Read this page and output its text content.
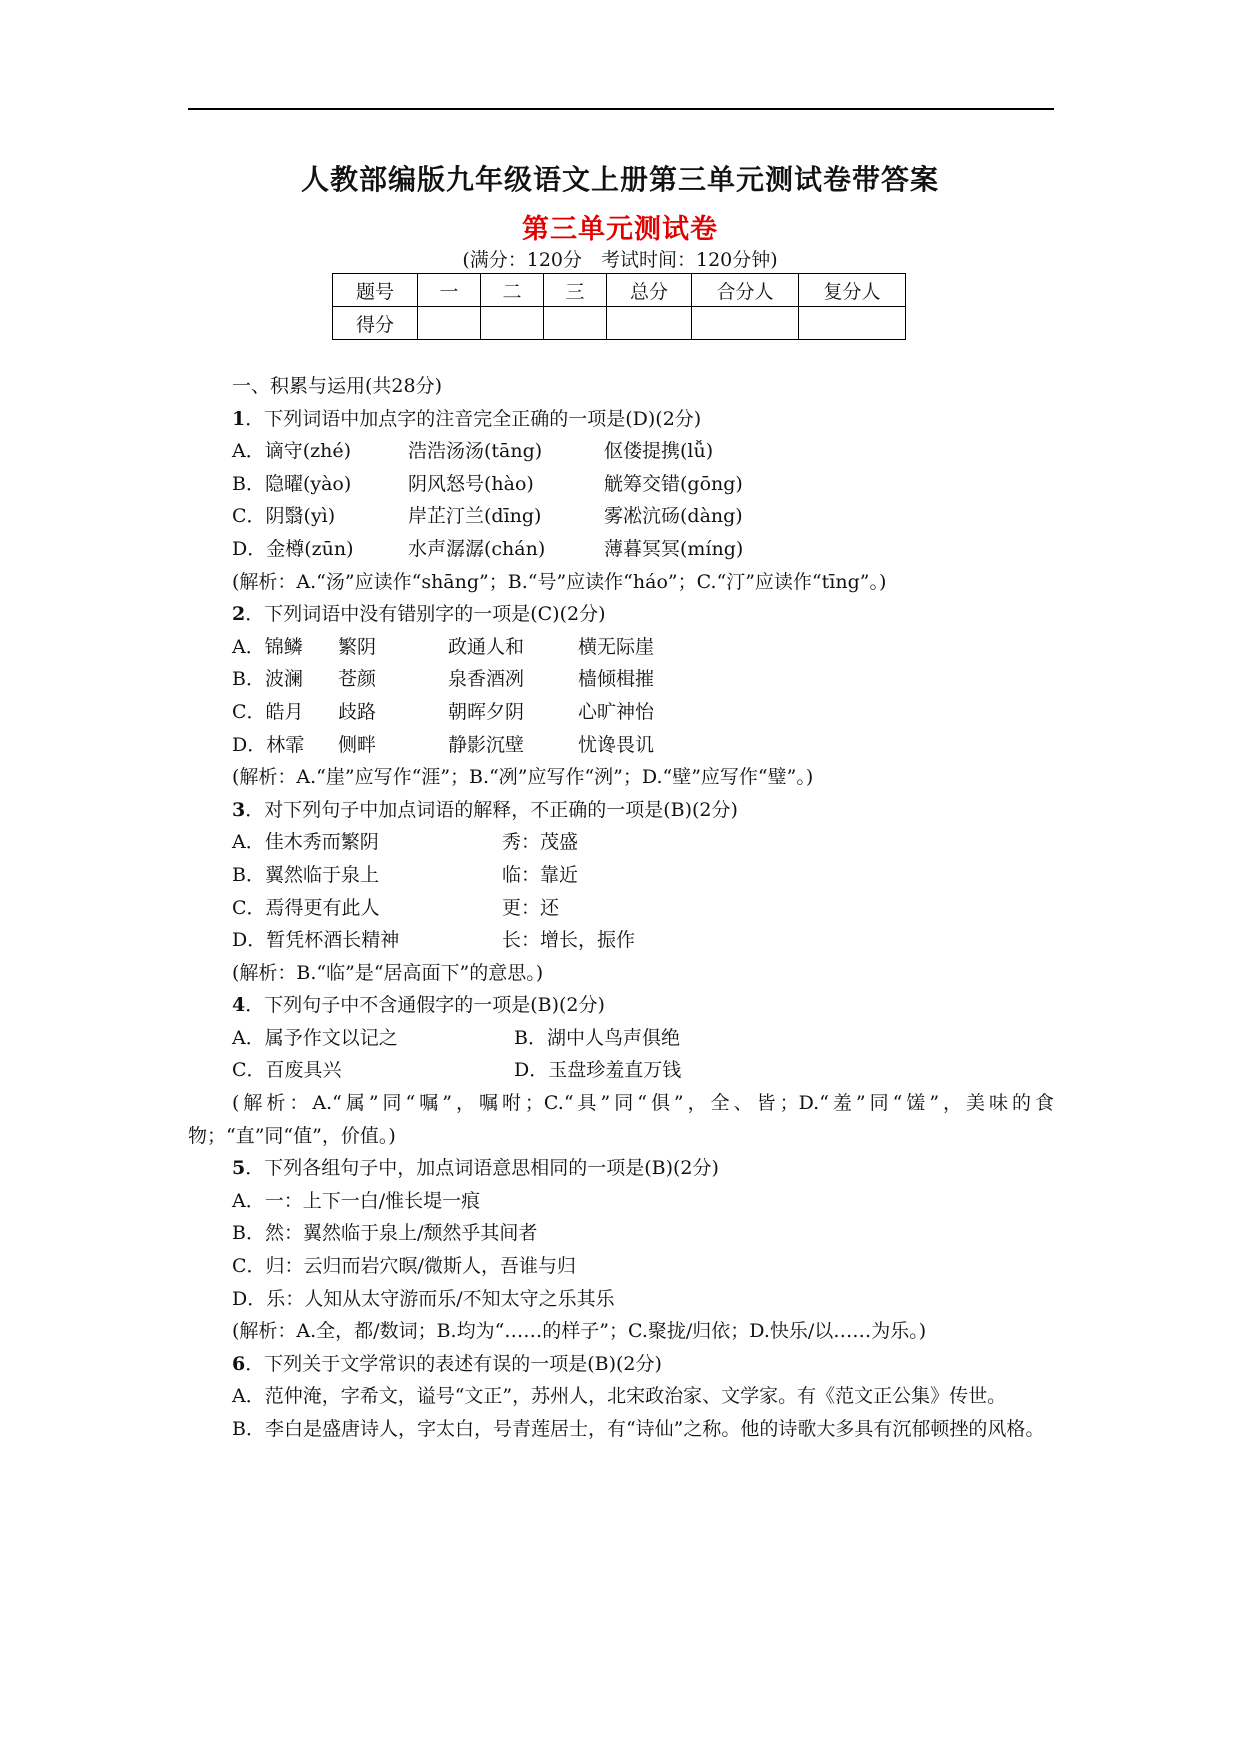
人教部编版九年级语文上册第三单元测试卷带答案
第三单元测试卷
(满分：120分　考试时间：120分钟)
题号	一	二	三	总分	合分人	复分人
得分						
一、积累与运用(共28分)
1．下列词语中加点字的注音完全正确的一项是(D)(2分)
A．谪守(zhé)	浩浩汤汤(tāng)	伛偻提携(lǚ)
B．隐曜(yào)	阴风怒号(hào)	觥筹交错(gōng)
C．阴翳(yì)	岸芷汀兰(dīng)	雾凇沆砀(dàng)
D．金樽(zūn)	水声潺潺(chán)	薄暮冥冥(míng)
(解析：A.“汤”应读作“shāng”；B.“号”应读作“háo”；C.“汀”应读作“tīng”。)
2．下列词语中没有错别字的一项是(C)(2分)
A．锦鳞	繁阴	政通人和	横无际崖
B．波澜	苍颜	泉香酒冽	樯倾楫摧
C．皓月	歧路	朝晖夕阴	心旷神怡
D．林霏	侧畔	静影沉壁	忧谗畏讥
(解析：A.“崖”应写作“涯”；B.“冽”应写作“洌”；D.“壁”应写作“璧”。)
3．对下列句子中加点词语的解释，不正确的一项是(B)(2分)
A．佳木秀而繁阴	秀：茂盛
B．翼然临于泉上	临：靠近
C．焉得更有此人	更：还
D．暂凭杯酒长精神	长：增长，振作
(解析：B.“临”是“居高面下”的意思。)
4．下列句子中不含通假字的一项是(B)(2分)
A．属予作文以记之	B．湖中人鸟声俱绝
C．百废具兴	D．玉盘珍羞直万钱
(解析：A.“属”同“嘱”，嘱咐；C.“具”同“俱”，全、皆；D.“羞”同“馐”，美味的食物；“直”同“值”，价值。)
5．下列各组句子中，加点词语意思相同的一项是(B)(2分)
A．一：上下一白/惟长堤一痕
B．然：翼然临于泉上/颓然乎其间者
C．归：云归而岩穴暝/微斯人，吾谁与归
D．乐：人知从太守游而乐/不知太守之乐其乐
(解析：A.全，都/数词；B.均为“……的样子”；C.聚拢/归依；D.快乐/以……为乐。)
6．下列关于文学常识的表述有误的一项是(B)(2分)
A．范仲淹，字希文，谥号“文正”，苏州人，北宋政治家、文学家。有《范文正公集》传世。
B．李白是盛唐诗人，字太白，号青莲居士，有“诗仙”之称。他的诗歌大多具有沉郁顿挫的风格。
